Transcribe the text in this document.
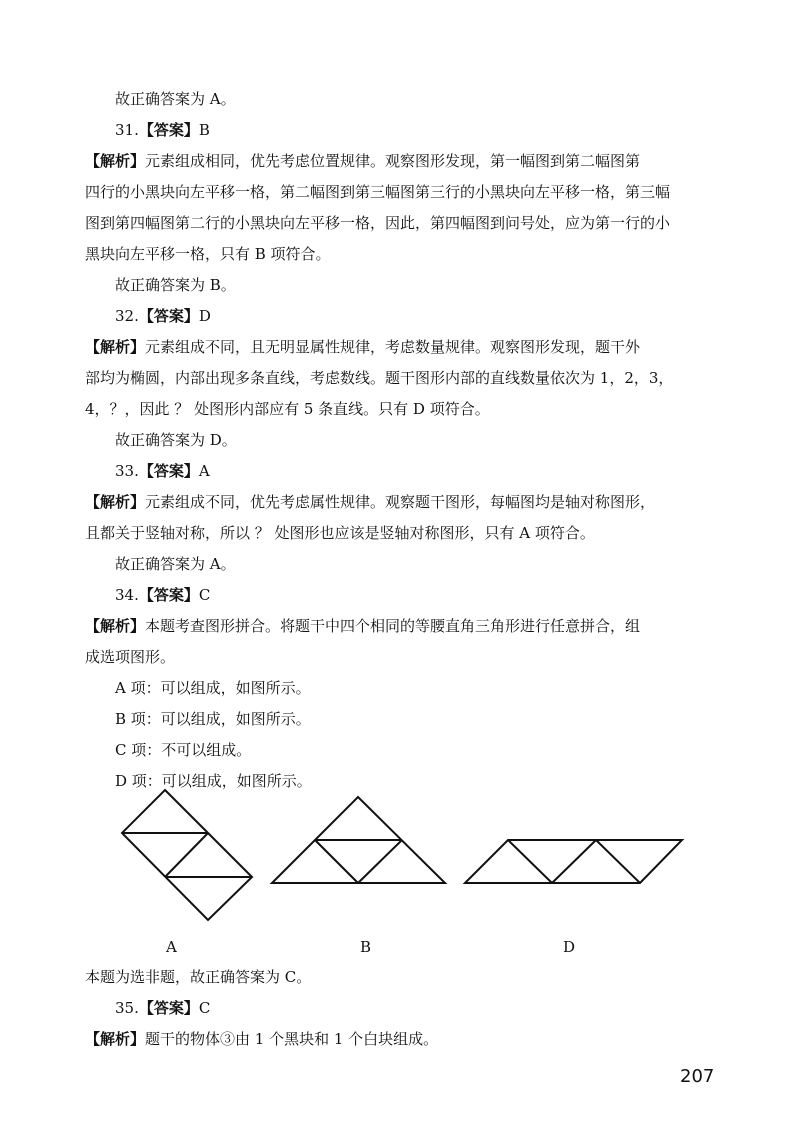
故正确答案为 A。
31.【答案】B
【解析】元素组成相同，优先考虑位置规律。观察图形发现，第一幅图到第二幅图第
四行的小黑块向左平移一格，第二幅图到第三幅图第三行的小黑块向左平移一格，第三幅
图到第四幅图第二行的小黑块向左平移一格，因此，第四幅图到问号处，应为第一行的小
黑块向左平移一格，只有 B 项符合。
故正确答案为 B。
32.【答案】D
【解析】元素组成不同，且无明显属性规律，考虑数量规律。观察图形发现，题干外
部均为椭圆，内部出现多条直线，考虑数线。题干图形内部的直线数量依次为 1，2，3，
4，？，因此 ？ 处图形内部应有 5 条直线。只有 D 项符合。
故正确答案为 D。
33.【答案】A
【解析】元素组成不同，优先考虑属性规律。观察题干图形，每幅图均是轴对称图形，
且都关于竖轴对称，所以 ？ 处图形也应该是竖轴对称图形，只有 A 项符合。
故正确答案为 A。
34.【答案】C
【解析】本题考查图形拼合。将题干中四个相同的等腰直角三角形进行任意拼合，组
成选项图形。
A 项：可以组成，如图所示。
B 项：可以组成，如图所示。
C 项：不可以组成。
D 项：可以组成，如图所示。
A	B	D
本题为选非题，故正确答案为 C。
35.【答案】C
【解析】题干的物体③由 1 个黑块和 1 个白块组成。
207
